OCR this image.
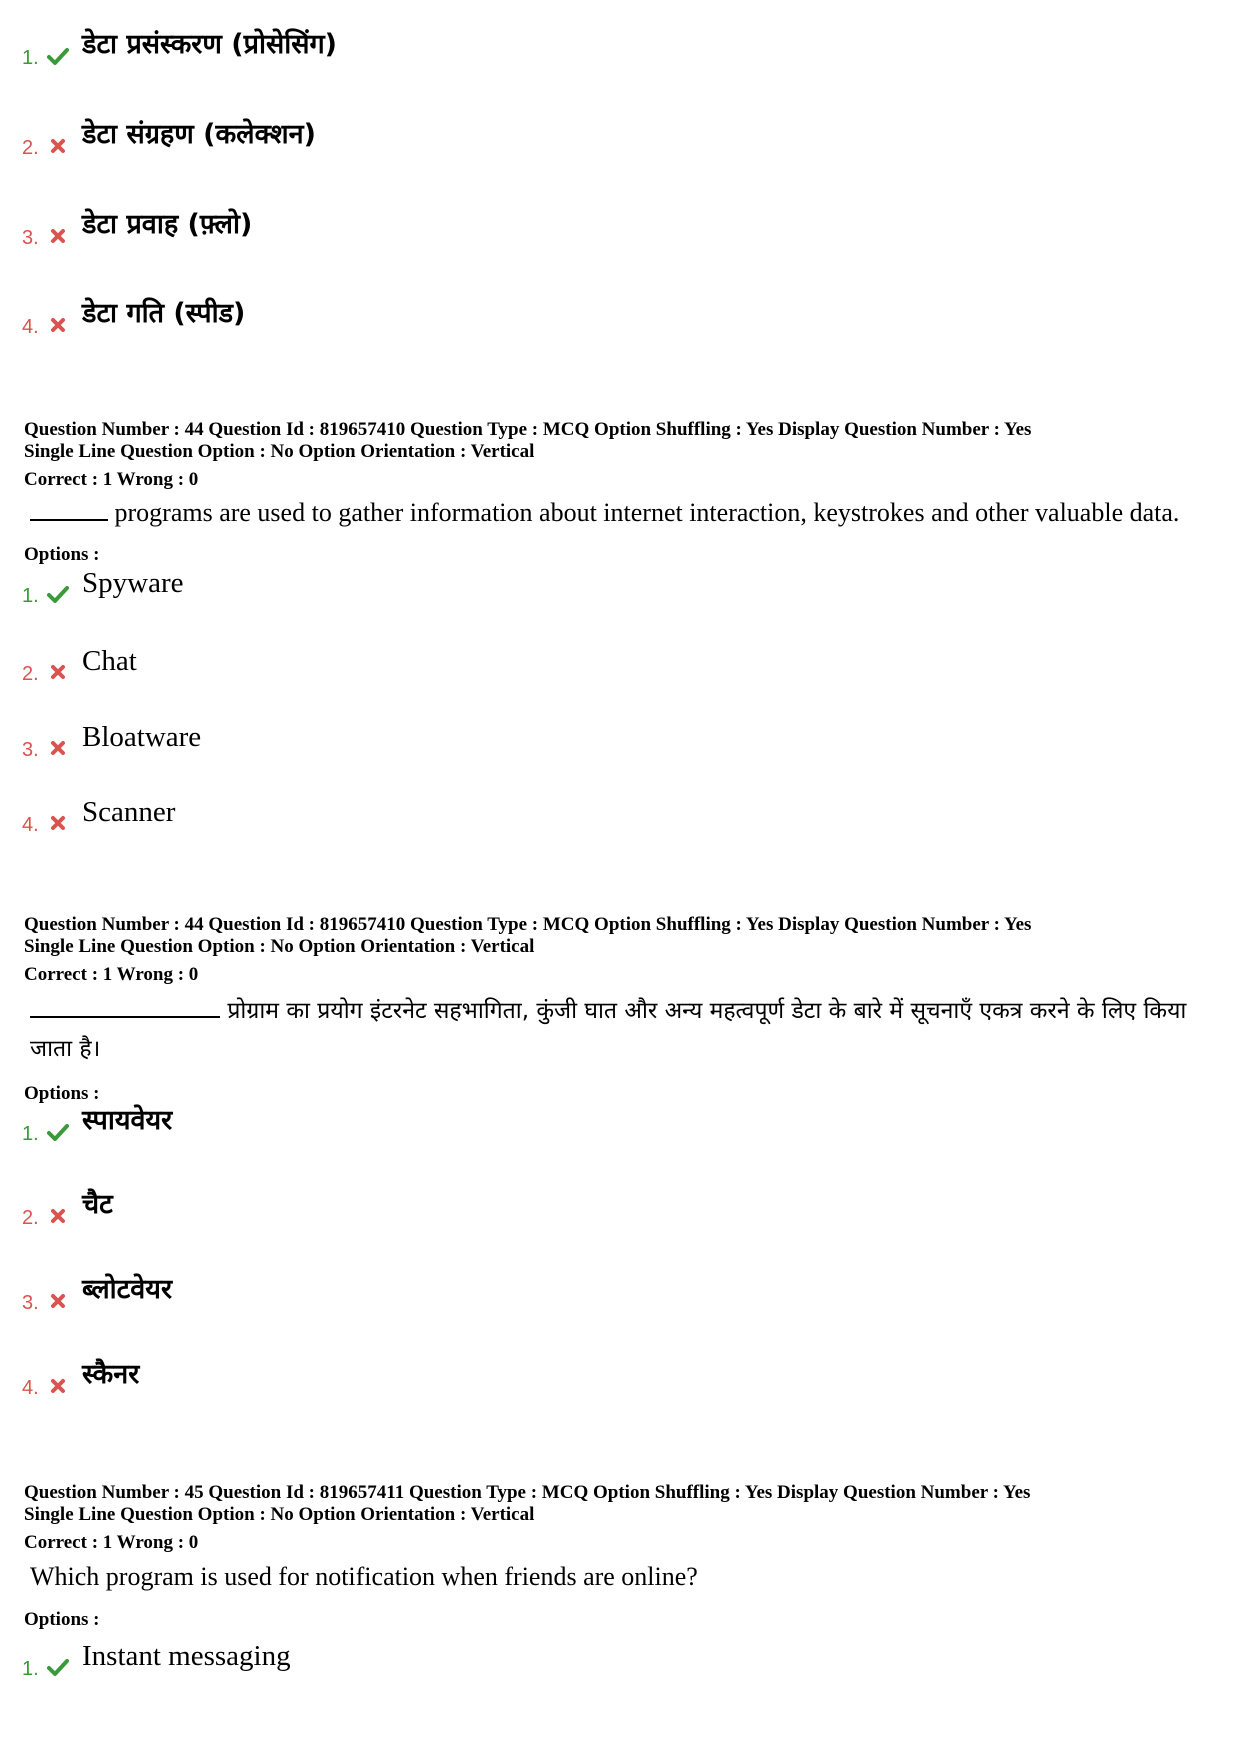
1. डेटा प्रसंस्करण (प्रोसेसिंग)
2. डेटा संग्रहण (कलेक्शन)
3. डेटा प्रवाह (फ़्लो)
4. डेटा गति (स्पीड)
Question Number : 44 Question Id : 819657410 Question Type : MCQ Option Shuffling : Yes Display Question Number : Yes
Single Line Question Option : No Option Orientation : Vertical
Correct : 1 Wrong : 0
programs are used to gather information about internet interaction, keystrokes and other valuable data.
Options :
1. Spyware
2. Chat
3. Bloatware
4. Scanner
Question Number : 44 Question Id : 819657410 Question Type : MCQ Option Shuffling : Yes Display Question Number : Yes
Single Line Question Option : No Option Orientation : Vertical
Correct : 1 Wrong : 0
प्रोग्राम का प्रयोग इंटरनेट सहभागिता, कुंजी घात और अन्य महत्वपूर्ण डेटा के बारे में सूचनाएँ एकत्र करने के लिए किया जाता है।
Options :
1. स्पायवेयर
2. चैट
3. ब्लोटवेयर
4. स्कैनर
Question Number : 45 Question Id : 819657411 Question Type : MCQ Option Shuffling : Yes Display Question Number : Yes
Single Line Question Option : No Option Orientation : Vertical
Correct : 1 Wrong : 0
Which program is used for notification when friends are online?
Options :
1. Instant messaging
